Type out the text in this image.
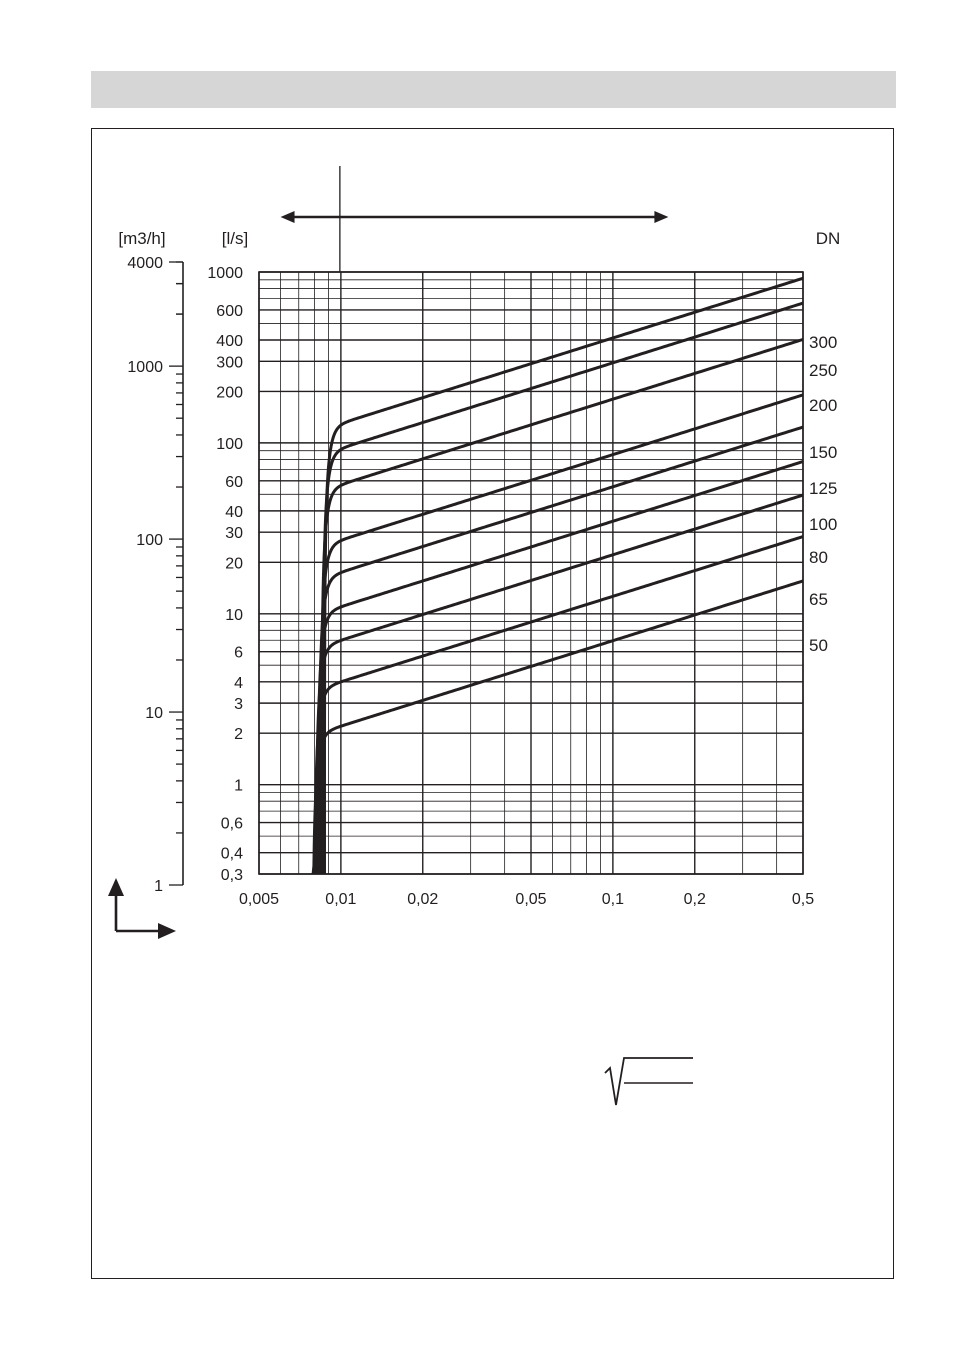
0,005	0,01	0,02	0,05	0,1	0,2	0,5
1000
600
400
300
200
100
60
40
30
20
10
6
4
3
2
1
0,6
0,4
0,3
[l/s]
4000
1000
100
10
1
[m3/h]	DN
300
250
200
150
125
100
80
65
50
